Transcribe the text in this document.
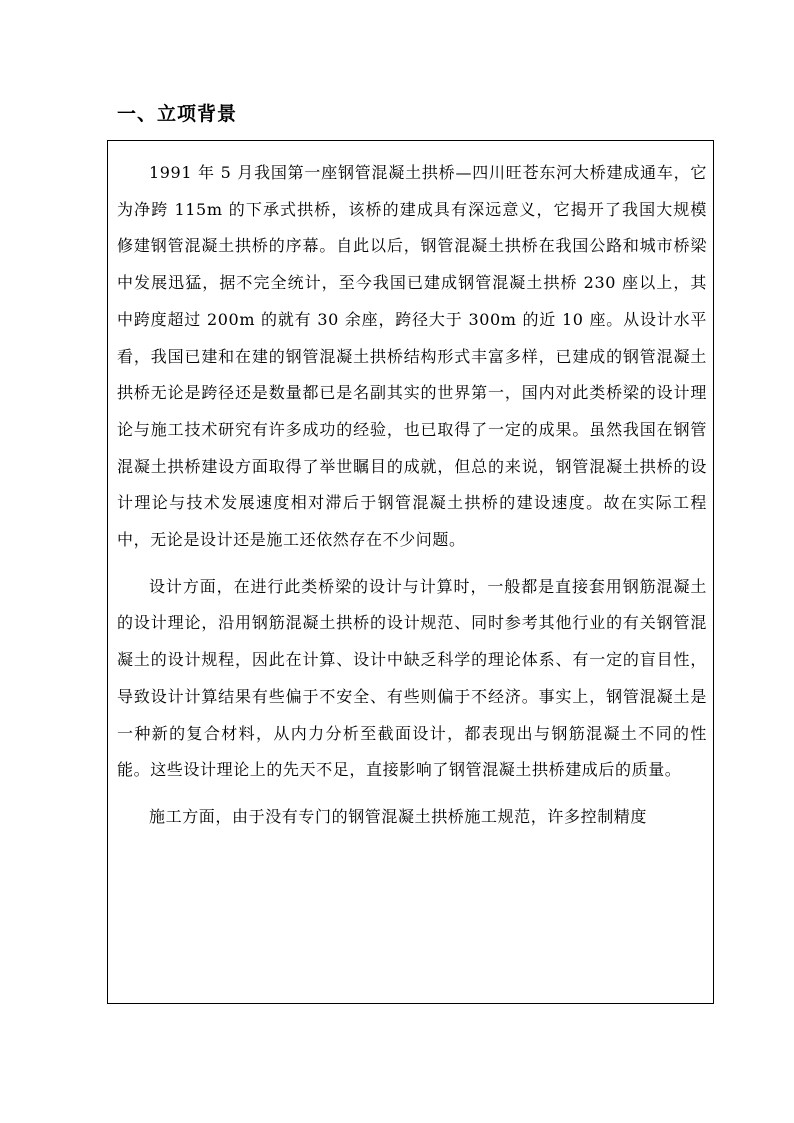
一、立项背景

1991 年 5 月我国第一座钢管混凝土拱桥—四川旺苍东河大桥建成通车，它为净跨 115m 的下承式拱桥，该桥的建成具有深远意义，它揭开了我国大规模修建钢管混凝土拱桥的序幕。自此以后，钢管混凝土拱桥在我国公路和城市桥梁中发展迅猛，据不完全统计，至今我国已建成钢管混凝土拱桥 230 座以上，其中跨度超过 200m 的就有 30 余座，跨径大于 300m 的近 10 座。从设计水平看，我国已建和在建的钢管混凝土拱桥结构形式丰富多样，已建成的钢管混凝土拱桥无论是跨径还是数量都已是名副其实的世界第一，国内对此类桥梁的设计理论与施工技术研究有许多成功的经验，也已取得了一定的成果。虽然我国在钢管混凝土拱桥建设方面取得了举世瞩目的成就，但总的来说，钢管混凝土拱桥的设计理论与技术发展速度相对滞后于钢管混凝土拱桥的建设速度。故在实际工程中，无论是设计还是施工还依然存在不少问题。

设计方面，在进行此类桥梁的设计与计算时，一般都是直接套用钢筋混凝土的设计理论，沿用钢筋混凝土拱桥的设计规范、同时参考其他行业的有关钢管混凝土的设计规程，因此在计算、设计中缺乏科学的理论体系、有一定的盲目性，导致设计计算结果有些偏于不安全、有些则偏于不经济。事实上，钢管混凝土是一种新的复合材料，从内力分析至截面设计，都表现出与钢筋混凝土不同的性能。这些设计理论上的先天不足，直接影响了钢管混凝土拱桥建成后的质量。

施工方面，由于没有专门的钢管混凝土拱桥施工规范，许多控制精度
